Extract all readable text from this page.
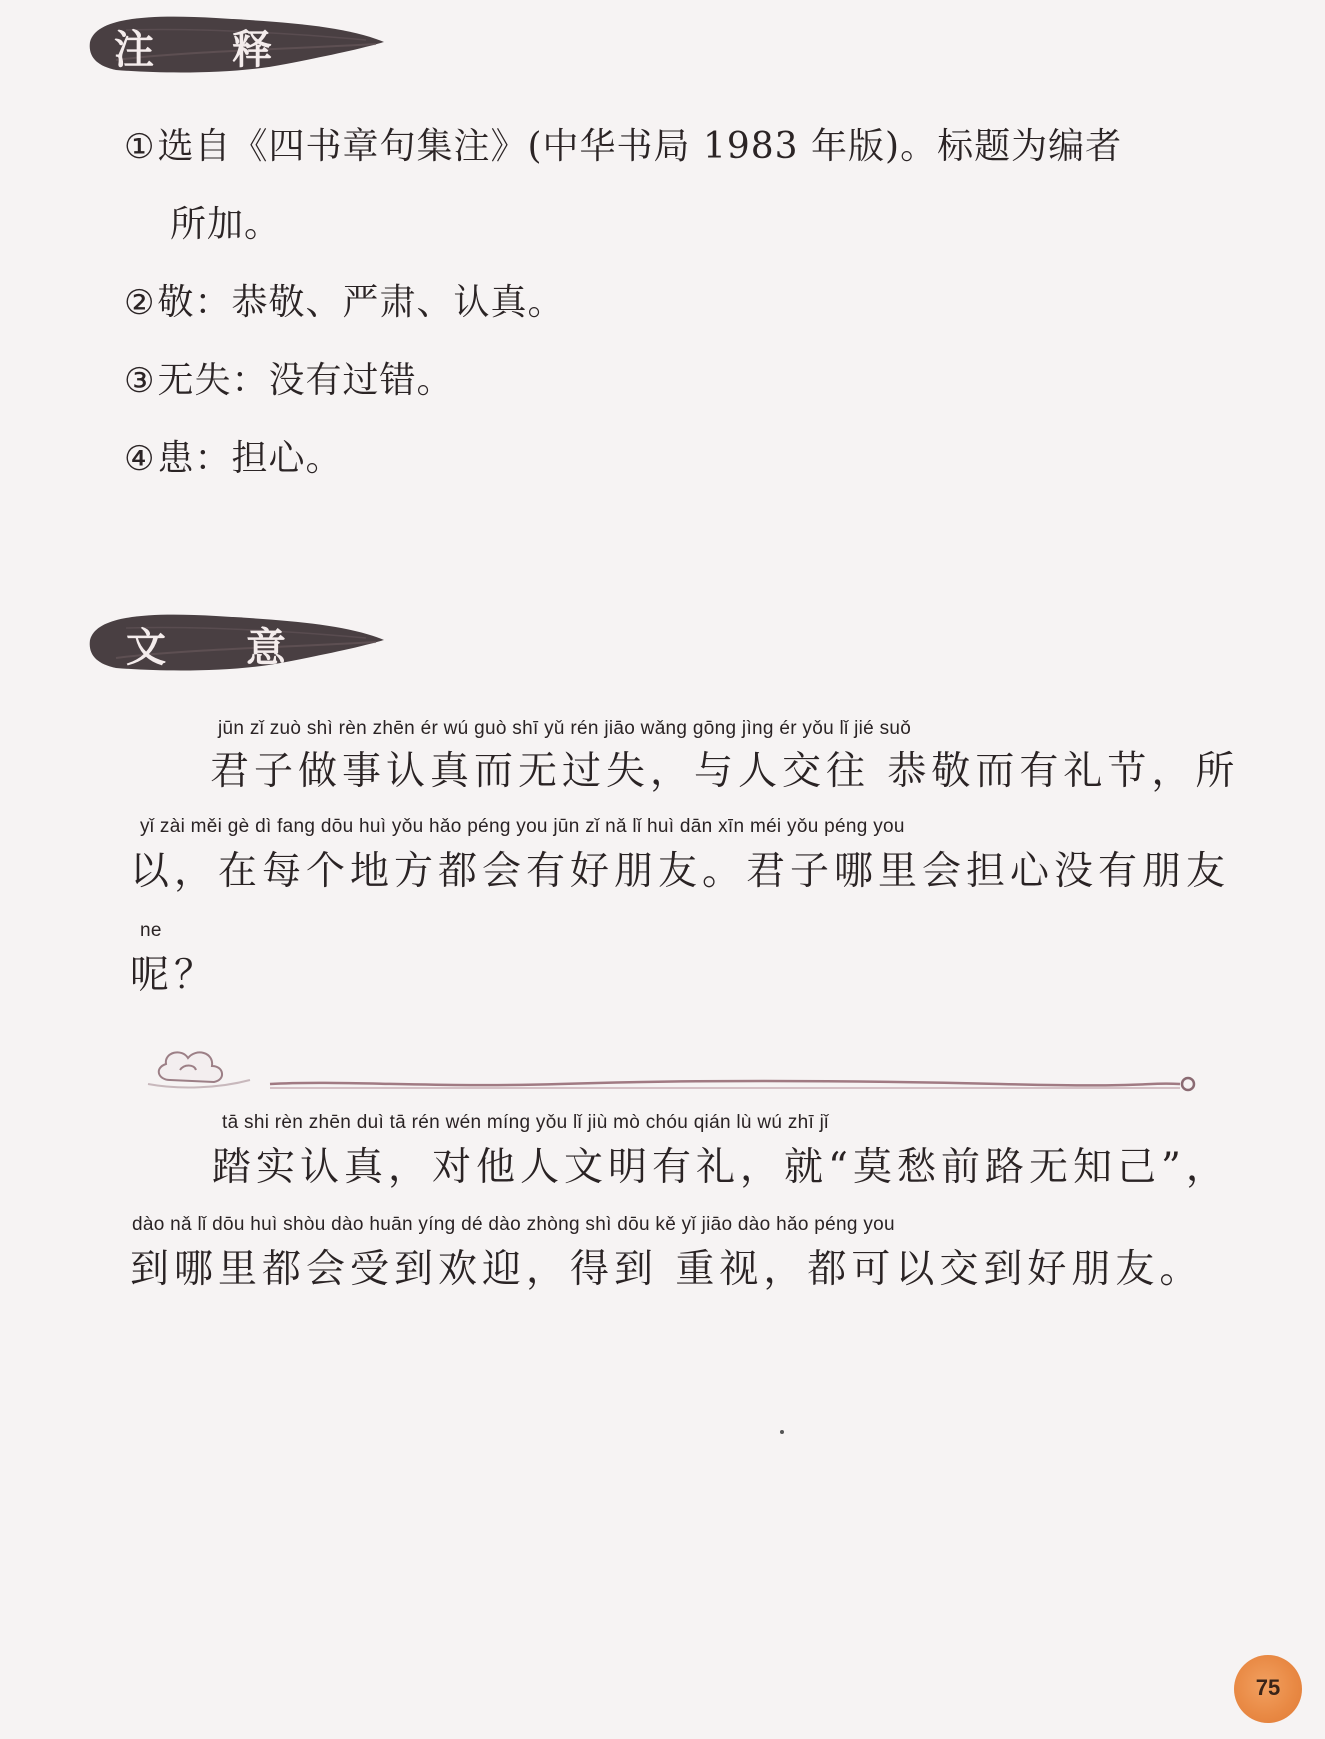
注 释
①选自《四书章句集注》(中华书局 1983 年版)。标题为编者
所加。
②敬：恭敬、严肃、认真。
③无失：没有过错。
④患：担心。
文 意
jūn zǐ zuò shì rèn zhēn ér wú guò shī yǔ rén jiāo wǎng gōng jìng ér yǒu lǐ jié suǒ
君子做事认真而无过失，与人交往 恭敬而有礼节，所
yǐ zài měi gè dì fang dōu huì yǒu hǎo péng you jūn zǐ nǎ lǐ huì dān xīn méi yǒu péng you
以，在每个地方都会有好朋友。君子哪里会担心没有朋友
ne
呢？
tā shi rèn zhēn duì tā rén wén míng yǒu lǐ jiù mò chóu qián lù wú zhī jǐ
踏实认真，对他人文明有礼，就“莫愁前路无知己”，
dào nǎ lǐ dōu huì shòu dào huān yíng dé dào zhòng shì dōu kě yǐ jiāo dào hǎo péng you
到哪里都会受到欢迎，得到 重视，都可以交到好朋友。
75
